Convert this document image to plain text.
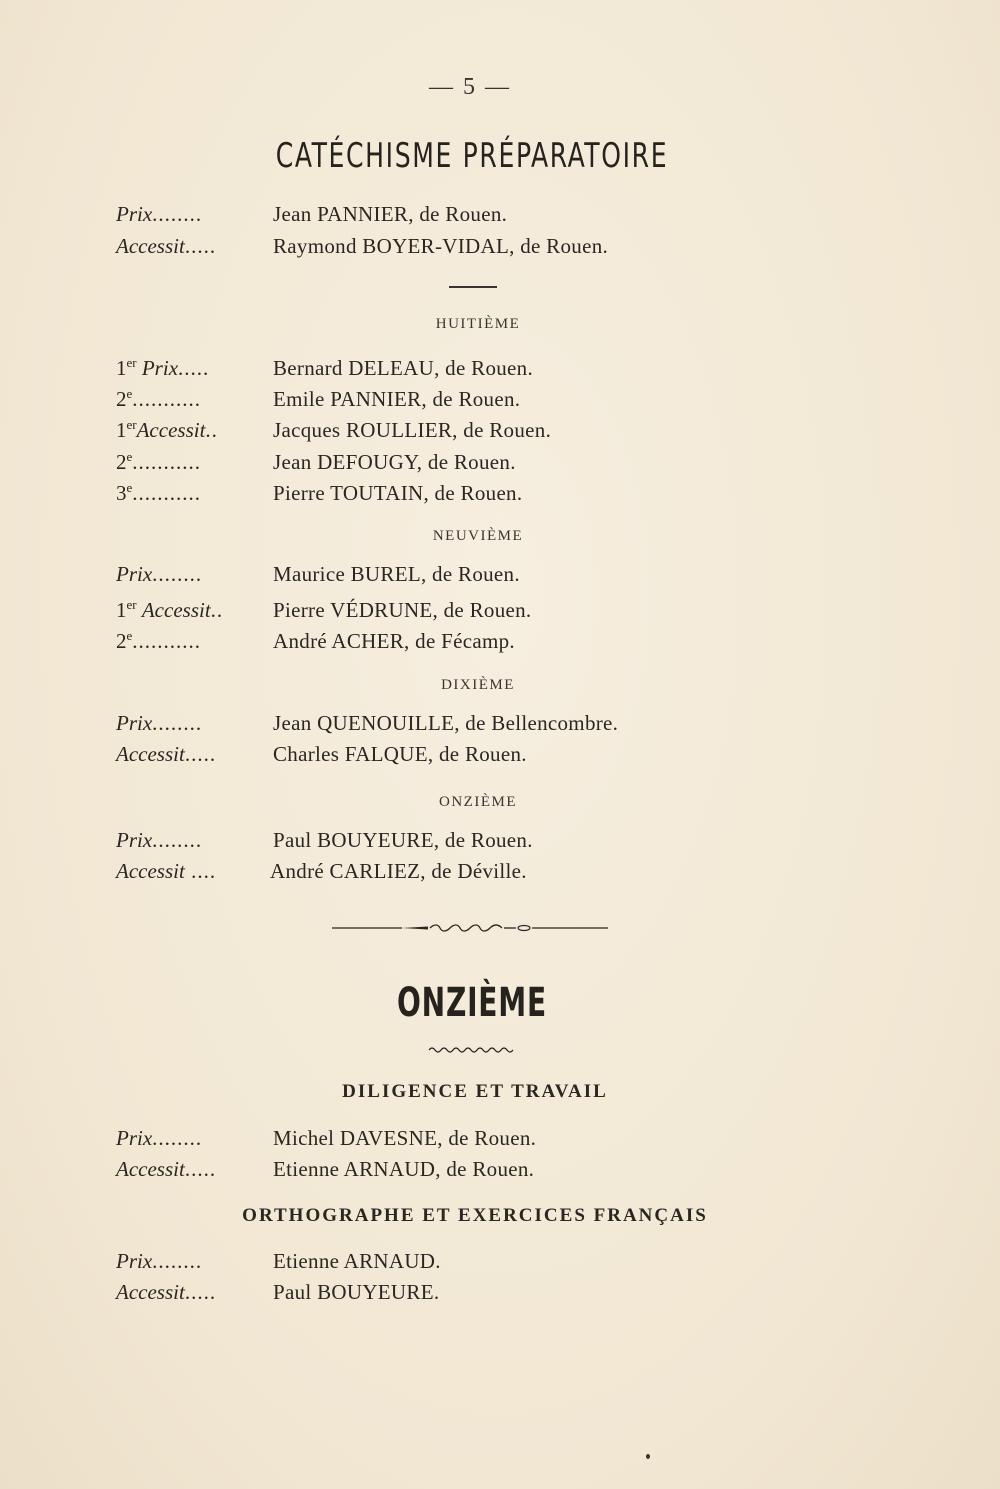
— 5 —
CATÉCHISME PRÉPARATOIRE
Prix........	Jean PANNIER, de Rouen.
Accessit.....	Raymond BOYER-VIDAL, de Rouen.
HUITIÈME
1er Prix.....	Bernard DELEAU, de Rouen.
2e...........	Emile PANNIER, de Rouen.
1erAccessit..	Jacques ROULLIER, de Rouen.
2e...........	Jean DEFOUGY, de Rouen.
3e...........	Pierre TOUTAIN, de Rouen.
NEUVIÈME
Prix........	Maurice BUREL, de Rouen.
1er Accessit.. Pierre VÉDRUNE, de Rouen.
2e...........	André ACHER, de Fécamp.
DIXIÈME
Prix........	Jean QUENOUILLE, de Bellencombre.
Accessit.....	Charles FALQUE, de Rouen.
ONZIÈME
Prix........	Paul BOUYEURE, de Rouen.
Accessit ....	André CARLIEZ, de Déville.
ONZIÈME
DILIGENCE ET TRAVAIL
Prix........	Michel DAVESNE, de Rouen.
Accessit.....	Etienne ARNAUD, de Rouen.
ORTHOGRAPHE ET EXERCICES FRANÇAIS
Prix........	Etienne ARNAUD.
Accessit.....	Paul BOUYEURE.
